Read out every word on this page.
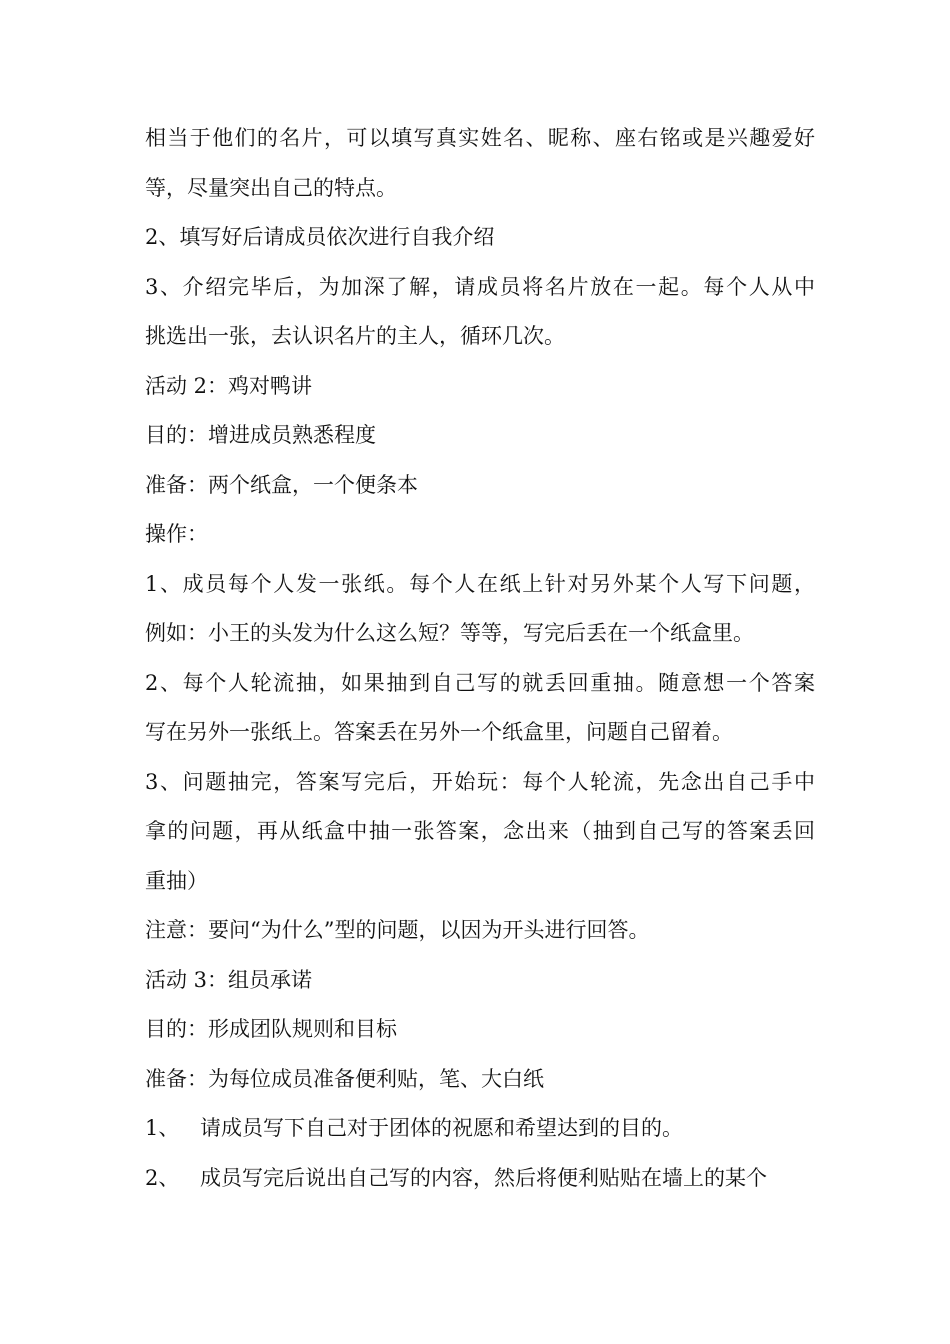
相当于他们的名片，可以填写真实姓名、昵称、座右铭或是兴趣爱好
等，尽量突出自己的特点。
2、填写好后请成员依次进行自我介绍
3、介绍完毕后，为加深了解，请成员将名片放在一起。每个人从中
挑选出一张，去认识名片的主人，循环几次。
活动 2：鸡对鸭讲
目的：增进成员熟悉程度
准备：两个纸盒，一个便条本
操作：
1、成员每个人发一张纸。每个人在纸上针对另外某个人写下问题，
例如：小王的头发为什么这么短？等等，写完后丢在一个纸盒里。
2、每个人轮流抽，如果抽到自己写的就丢回重抽。随意想一个答案
写在另外一张纸上。答案丢在另外一个纸盒里，问题自己留着。
3、问题抽完，答案写完后，开始玩：每个人轮流，先念出自己手中
拿的问题，再从纸盒中抽一张答案，念出来（抽到自己写的答案丢回
重抽）
注意：要问“为什么”型的问题，以因为开头进行回答。
活动 3：组员承诺
目的：形成团队规则和目标
准备：为每位成员准备便利贴，笔、大白纸
1、 请成员写下自己对于团体的祝愿和希望达到的目的。
2、 成员写完后说出自己写的内容，然后将便利贴贴在墙上的某个
